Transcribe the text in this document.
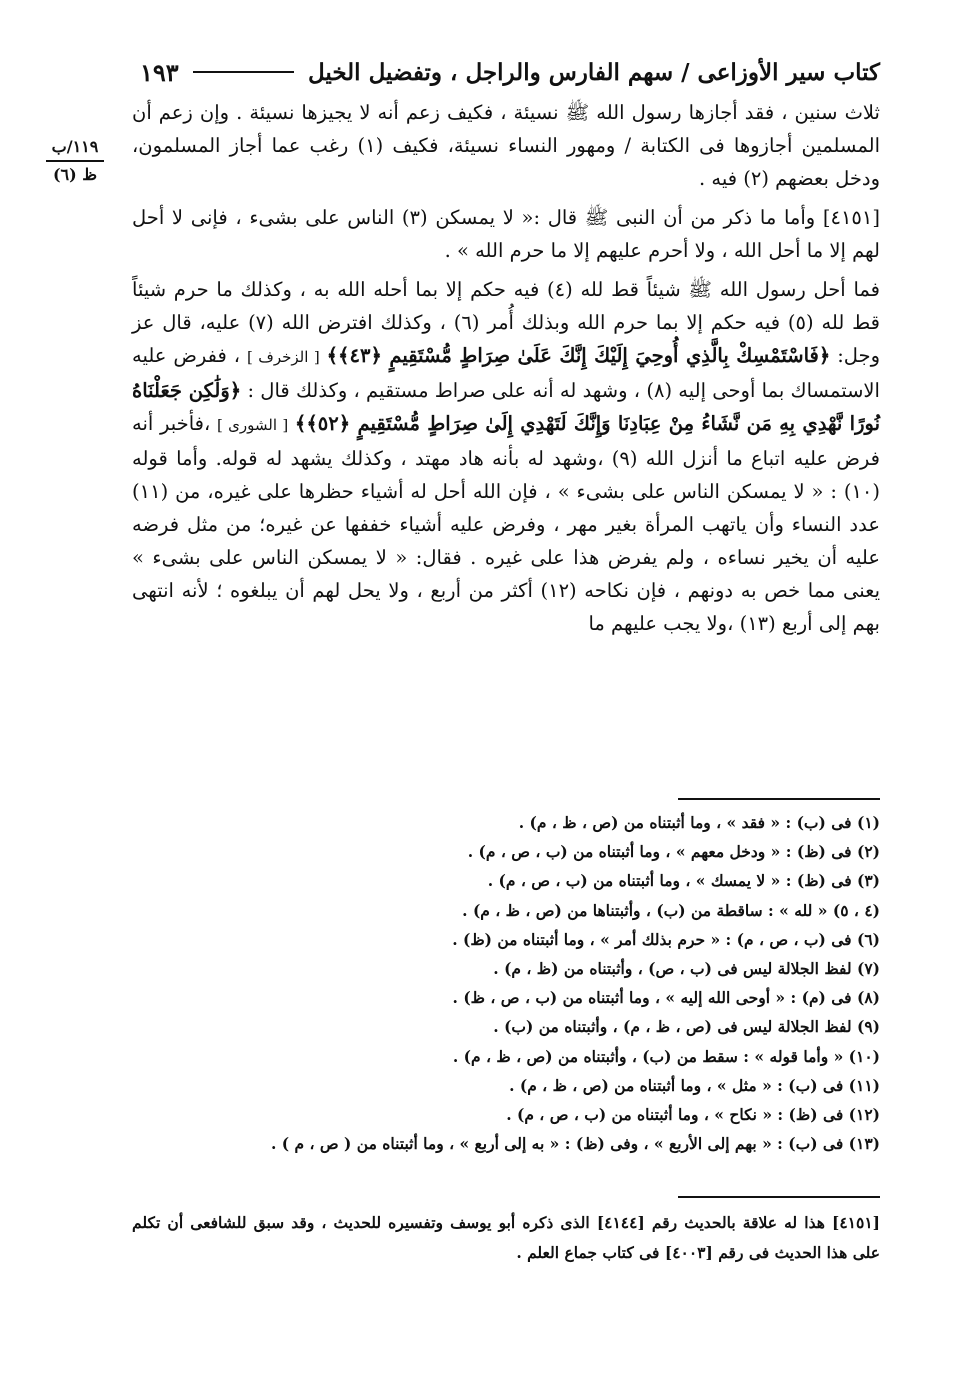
كتاب سير الأوزاعى / سهم الفارس والراجل ، وتفضيل الخيل
١٩٣
١١٩/ب
ظ (٦)

ثلاث سنين ، فقد أجازها رسول الله ﷺ نسيئة ، فكيف زعم أنه لا يجيزها نسيئة . وإن زعم أن المسلمين أجازوها فى الكتابة / ومهور النساء نسيئة، فكيف (١) رغب عما أجاز المسلمون، ودخل بعضهم (٢) فيه .

[٤١٥١] وأما ما ذكر من أن النبى ﷺ قال :« لا يمسكن (٣) الناس على بشىء ، فإنى لا أحل لهم إلا ما أحل الله ، ولا أحرم عليهم إلا ما حرم الله » .

فما أحل رسول الله ﷺ شيئاً قط لله (٤) فيه حكم إلا بما أحله الله به ، وكذلك ما حرم شيئاً قط لله (٥) فيه حكم إلا بما حرم الله وبذلك أُمر (٦) ، وكذلك افترض الله (٧) عليه، قال عز وجل: ﴿فَاسْتَمْسِكْ بِالَّذِي أُوحِيَ إِلَيْكَ إِنَّكَ عَلَىٰ صِرَاطٍ مُّسْتَقِيمٍ ﴿٤٣﴾﴾ [ الزخرف ] ، ففرض عليه الاستمساك بما أوحى إليه (٨) ، وشهد له أنه على صراط مستقيم ، وكذلك قال : ﴿وَلَٰكِن جَعَلْنَاهُ نُورًا نَّهْدِي بِهِ مَن نَّشَاءُ مِنْ عِبَادِنَا وَإِنَّكَ لَتَهْدِي إِلَىٰ صِرَاطٍ مُّسْتَقِيمٍ ﴿٥٢﴾﴾ [ الشورى ] ،فأخبر أنه فرض عليه اتباع ما أنزل الله (٩) ،وشهد له بأنه هاد مهتد ، وكذلك يشهد له قوله. وأما قوله (١٠) : « لا يمسكن الناس على بشىء » ، فإن الله أحل له أشياء حظرها على غيره، من (١١) عدد النساء وأن ياتهب المرأة بغير مهر ، وفرض عليه أشياء خففها عن غيره؛ من مثل فرضه عليه أن يخير نساءه ، ولم يفرض هذا على غيره . فقال: « لا يمسكن الناس على بشىء » يعنى مما خص به دونهم ، فإن نكاحه (١٢) أكثر من أربع ، ولا يحل لهم أن يبلغوه ؛ لأنه انتهى بهم إلى أربع (١٣) ،ولا يجب عليهم ما

(١) فى (ب) : « فقد » ، وما أثبتناه من (ص ، ظ ، م) .
(٢) فى (ظ) : « ودخل معهم » ، وما أثبتناه من (ب ، ص ، م) .
(٣) فى (ظ) : « لا يمسك » ، وما أثبتناه من (ب ، ص ، م) .
(٤ ، ٥) « لله » : ساقطة من (ب) ، وأثبتناها من (ص ، ظ ، م) .
(٦) فى (ب ، ص ، م) : « حرم بذلك أمر » ، وما أثبتناه من (ظ) .
(٧) لفظ الجلالة ليس فى (ب ، ص) ، وأثبتناه من (ظ ، م) .
(٨) فى (م) : « أوحى الله إليه » ، وما أثبتناه من (ب ، ص ، ظ) .
(٩) لفظ الجلالة ليس فى (ص ، ظ ، م) ، وأثبتناه من (ب) .
(١٠) « وأما قوله » : سقط من (ب) ، وأثبتناه من (ص ، ظ ، م) .
(١١) فى (ب) : « مثل » ، وما أثبتناه من (ص ، ظ ، م) .
(١٢) فى (ظ) : « نكاح » ، وما أثبتناه من (ب ، ص ، م) .
(١٣) فى (ب) : « بهم إلى الأربع » ، وفى (ظ) : « به إلى أربع » ، وما أثبتناه من ( ص ، م ) .
[٤١٥١] هذا له علاقة بالحديث رقم [٤١٤٤] الذى ذكره أبو يوسف وتفسيره للحديث ، وقد سبق للشافعى أن تكلم على هذا الحديث فى رقم [٤٠٠٣] فى كتاب جماع العلم .
